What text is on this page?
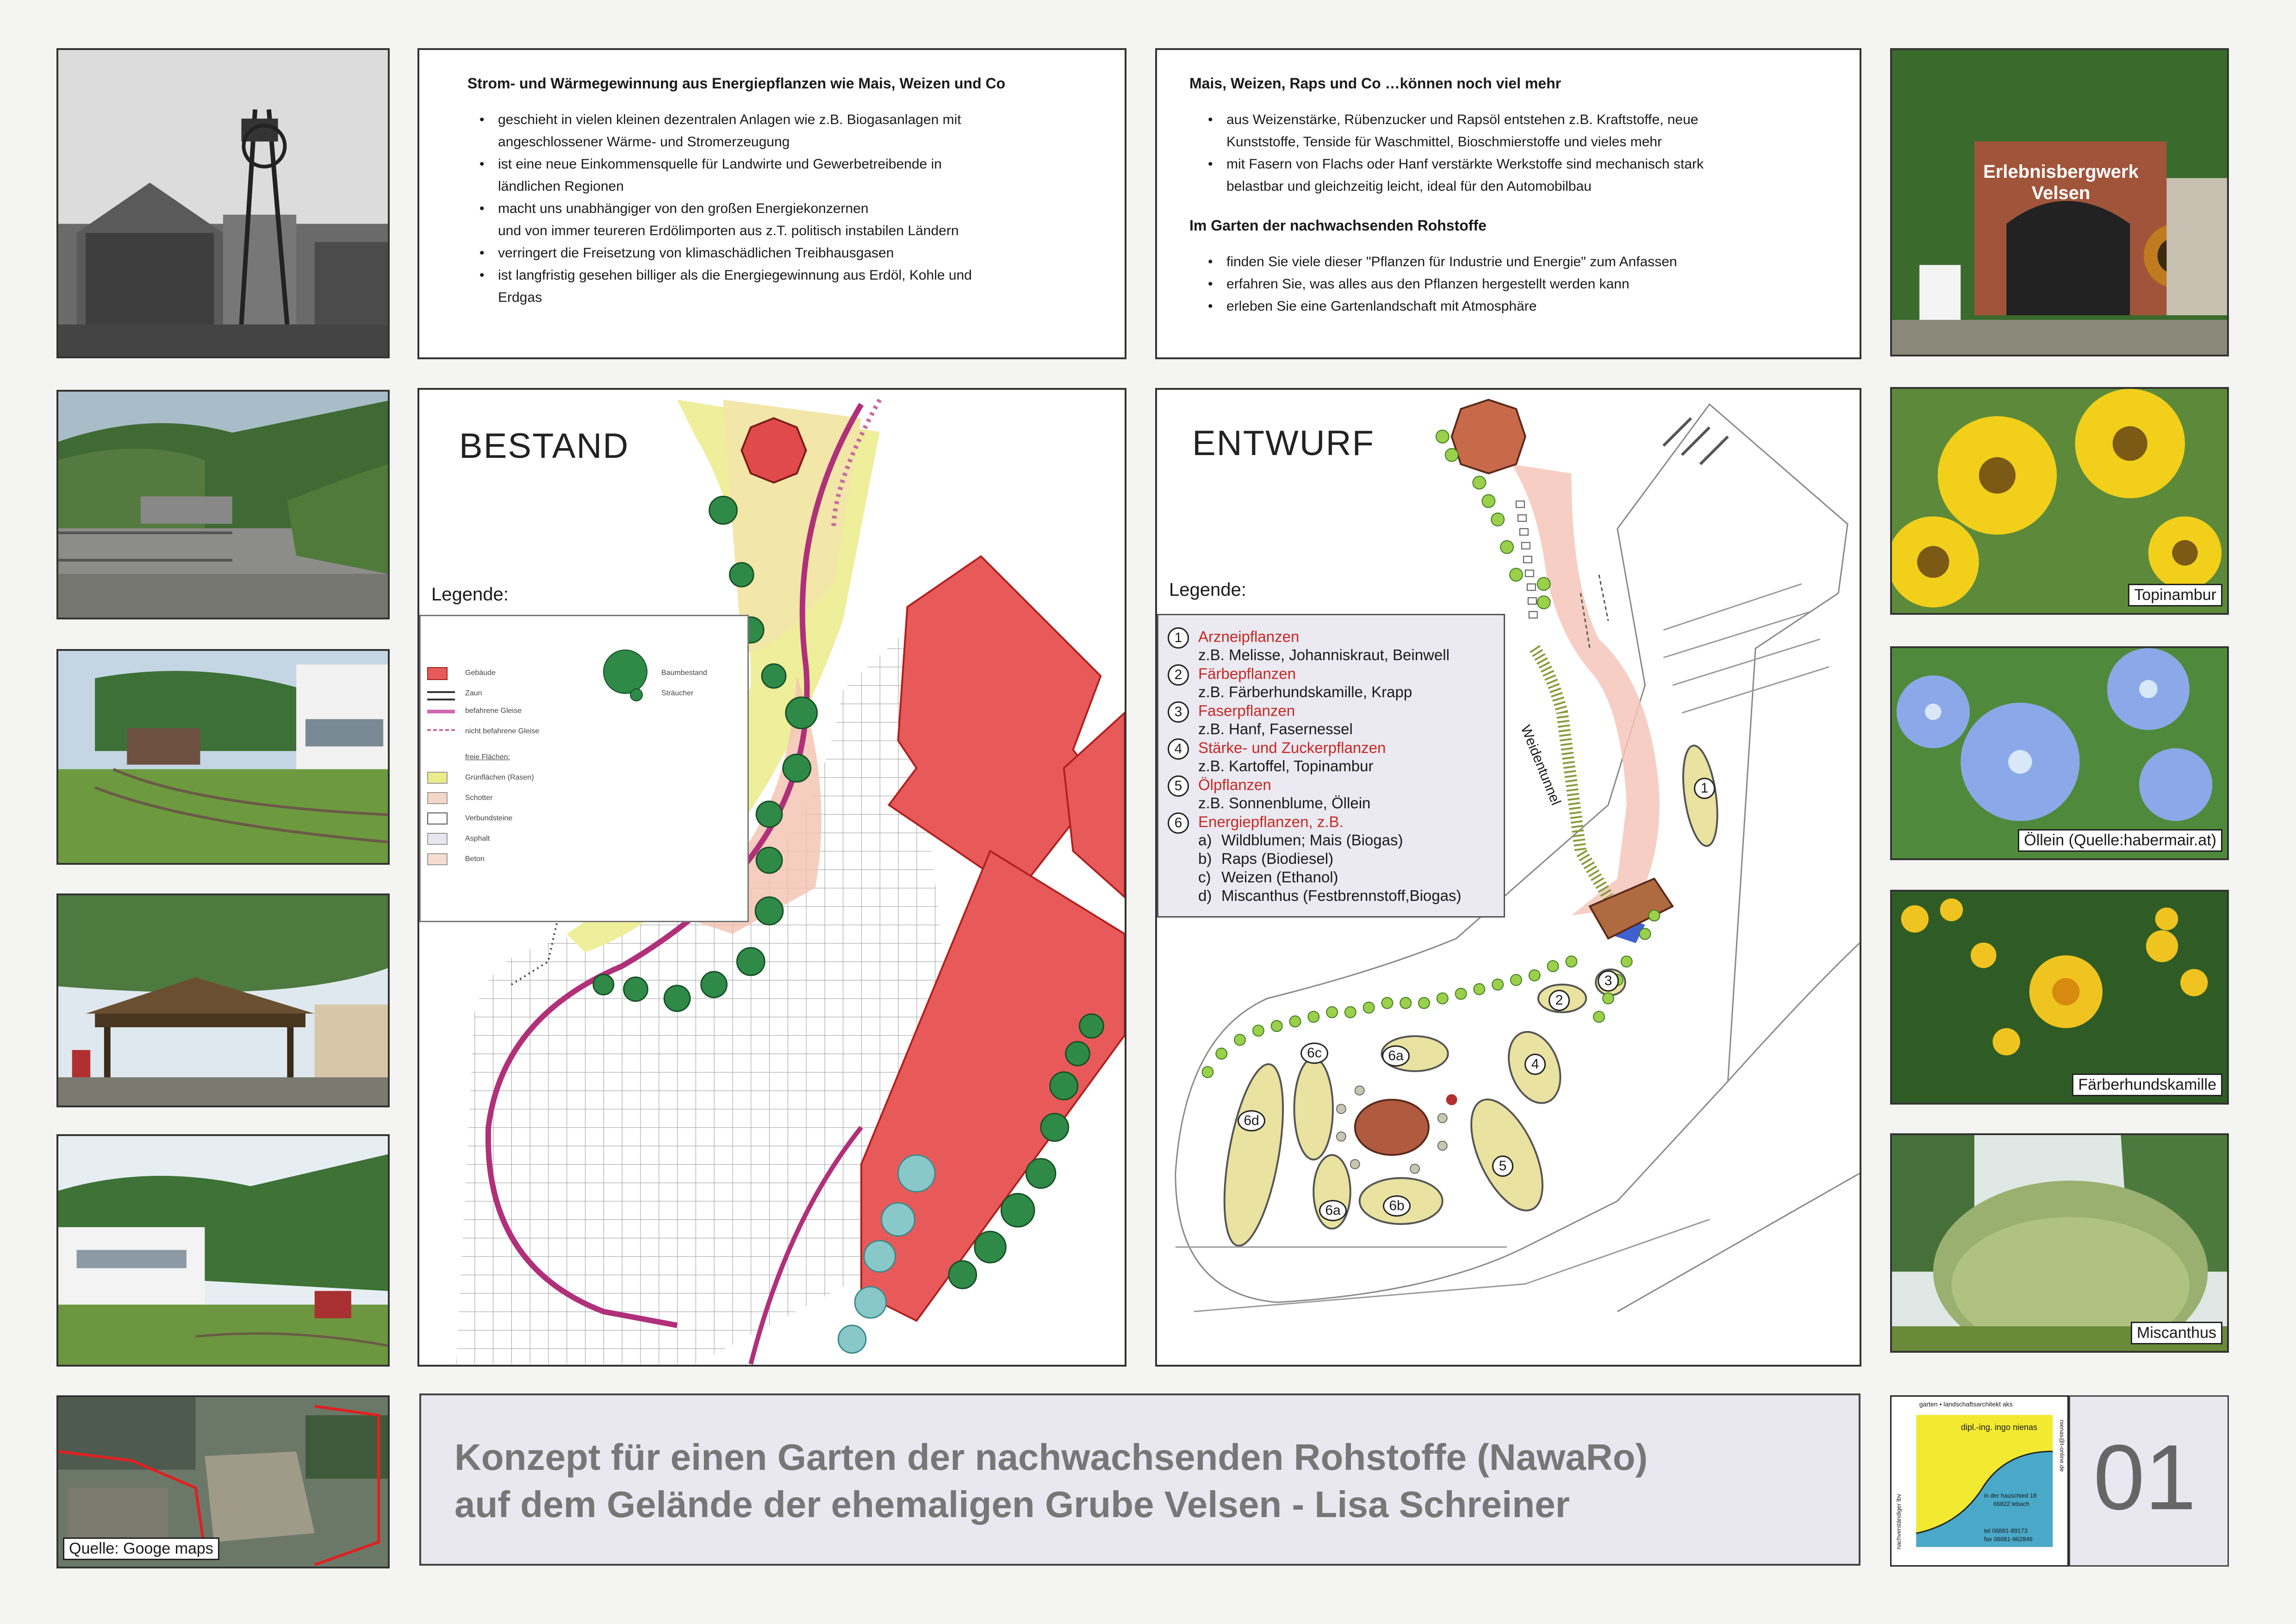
Quelle: Googe maps
Erlebnisbergwerk Velsen
Topinambur
Öllein (Quelle:habermair.at)
Färberhundskamille
Miscanthus
Strom- und Wärmegewinnung aus Energiepflanzen wie Mais, Weizen und Co
• geschieht in vielen kleinen dezentralen Anlagen wie z.B. Biogasanlagen mit
angeschlossener Wärme- und Stromerzeugung
• ist eine neue Einkommensquelle für Landwirte und Gewerbetreibende in
ländlichen Regionen
• macht uns unabhängiger von den großen Energiekonzernen
und von immer teureren Erdölimporten aus z.T. politisch instabilen Ländern
• verringert die Freisetzung von klimaschädlichen Treibhausgasen
• ist langfristig gesehen billiger als die Energiegewinnung aus Erdöl, Kohle und
Erdgas
Mais, Weizen, Raps und Co …können noch viel mehr
• aus Weizenstärke, Rübenzucker und Rapsöl entstehen z.B. Kraftstoffe, neue
Kunststoffe, Tenside für Waschmittel, Bioschmierstoffe und vieles mehr
• mit Fasern von Flachs oder Hanf verstärkte Werkstoffe sind mechanisch stark
belastbar und gleichzeitig leicht, ideal für den Automobilbau
Im Garten der nachwachsenden Rohstoffe
• finden Sie viele dieser "Pflanzen für Industrie und Energie" zum Anfassen
• erfahren Sie, was alles aus den Pflanzen hergestellt werden kann
• erleben Sie eine Gartenlandschaft mit Atmosphäre
BESTAND
Legende:
Gebäude
Zaun
befahrene Gleise
nicht befahrene Gleise
freie Flächen:
Grünflächen (Rasen)
Schotter
Verbundsteine
Asphalt
Beton
Baumbestand
Sträucher
1
2
3
4
5
6a
6b
6c
6d
6a
Weidentunnel
ENTWURF
Legende:
1 Arzneipflanzen
z.B. Melisse, Johanniskraut, Beinwell
2 Färbepflanzen
z.B. Färberhundskamille, Krapp
3 Faserpflanzen
z.B. Hanf, Fasernessel
4 Stärke- und Zuckerpflanzen
z.B. Kartoffel, Topinambur
5 Ölpflanzen
z.B. Sonnenblume, Öllein
6 Energiepflanzen, z.B.
a) Wildblumen; Mais (Biogas)
b) Raps (Biodiesel)
c) Weizen (Ethanol)
d) Miscanthus (Festbrennstoff,Biogas)
Konzept für einen Garten der nachwachsenden Rohstoffe (NawaRo)
auf dem Gelände der ehemaligen Grube Velsen - Lisa Schreiner
garten • landschaftsarchitekt aks
dipl.-ing. ingo nienas
in der hauschied 18
66822 lebach
tel 06881-89173
fax 06881-962846
nachverständiger lbv
nienas@t-online.de 01
